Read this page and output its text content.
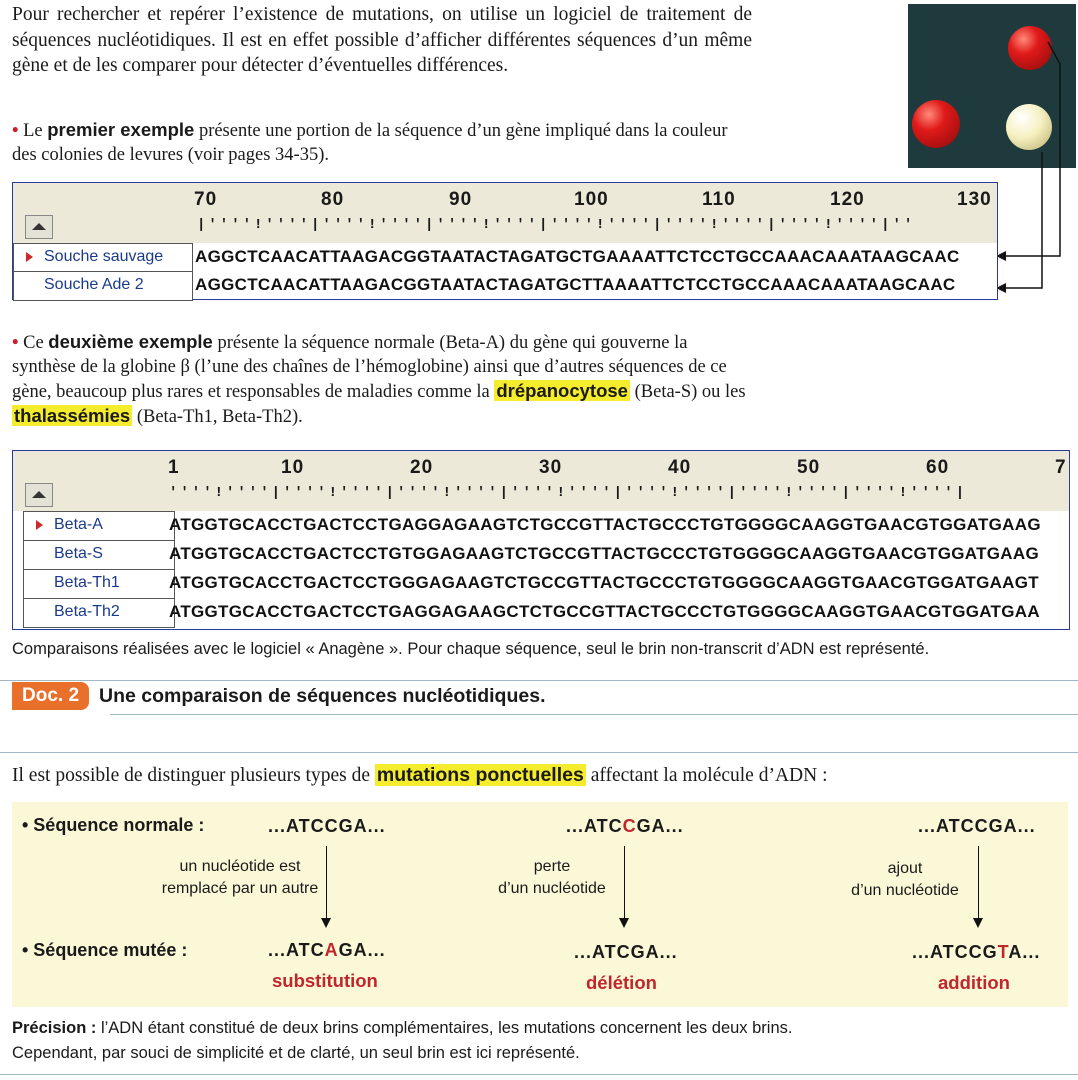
Pour rechercher et repérer l’existence de mutations, on utilise un logiciel de traitement de séquences nucléotidiques. Il est en effet possible d’afficher différentes séquences d’un même gène et de les comparer pour détecter d’éventuelles différences.
• Le premier exemple présente une portion de la séquence d’un gène impliqué dans la couleur des colonies de levures (voir pages 34-35).
70	80	90	100	110	120	130
|''''!''''|''''!''''|''''!''''|''''!''''|''''!''''|''''!''''|''
Souche sauvage	AGGCTCAACATTAAGACGGTAATACTAGATGCTGAAAATTCTCCTGCCAAACAAATAAGCAAC
Souche Ade 2	AGGCTCAACATTAAGACGGTAATACTAGATGCTTAAAATTCTCCTGCCAAACAAATAAGCAAC
• Ce deuxième exemple présente la séquence normale (Beta-A) du gène qui gouverne la synthèse de la globine β (l’une des chaînes de l’hémoglobine) ainsi que d’autres séquences de ce gène, beaucoup plus rares et responsables de maladies comme la drépanocytose (Beta-S) ou les thalassémies (Beta-Th1, Beta-Th2).
1	10	20	30	40	50	60	7
''''!''''|''''!''''|''''!''''|''''!''''|''''!''''|''''!''''|''''!''''|
Beta-A	ATGGTGCACCTGACTCCTGAGGAGAAGTCTGCCGTTACTGCCCTGTGGGGCAAGGTGAACGTGGATGAAG
Beta-S	ATGGTGCACCTGACTCCTGTGGAGAAGTCTGCCGTTACTGCCCTGTGGGGCAAGGTGAACGTGGATGAAG
Beta-Th1	ATGGTGCACCTGACTCCTGGGAGAAGTCTGCCGTTACTGCCCTGTGGGGCAAGGTGAACGTGGATGAAGT
Beta-Th2	ATGGTGCACCTGACTCCTGAGGAGAAGCTCTGCCGTTACTGCCCTGTGGGGCAAGGTGAACGTGGATGAA
Comparaisons réalisées avec le logiciel « Anagène ». Pour chaque séquence, seul le brin non-transcrit d’ADN est représenté.
Doc. 2 Une comparaison de séquences nucléotidiques.
Il est possible de distinguer plusieurs types de mutations ponctuelles affectant la molécule d’ADN :
• Séquence normale :
• Séquence mutée :
...ATCCGA...
un nucléotide est
remplacé par un autre
...ATCAGA...
substitution
...ATCCGA...
perte
d’un nucléotide
...ATCGA...
délétion
...ATCCGA...
ajout
d’un nucléotide
...ATCCGTA...
addition
Précision : l’ADN étant constitué de deux brins complémentaires, les mutations concernent les deux brins.
Cependant, par souci de simplicité et de clarté, un seul brin est ici représenté.
